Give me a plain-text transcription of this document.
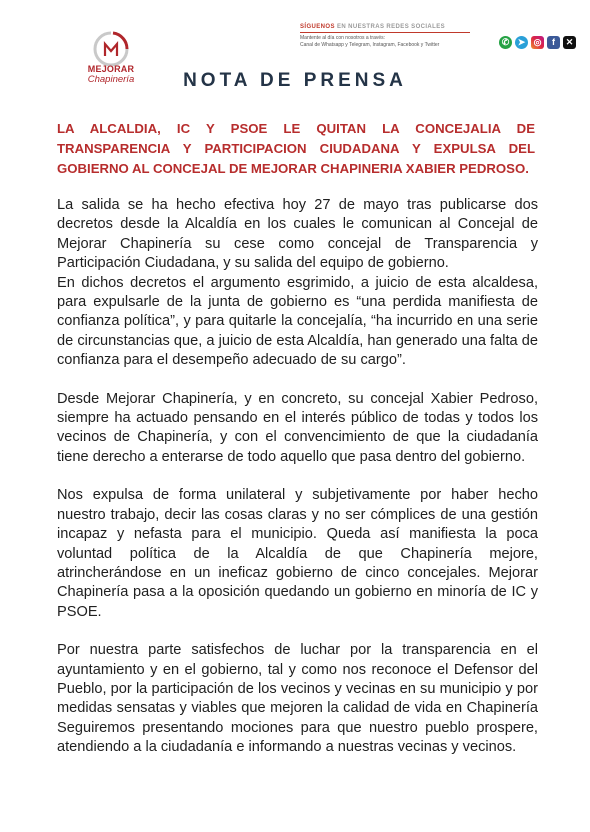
MEJORAR
Chapinería
SÍGUENOS EN NUESTRAS REDES SOCIALES
Mantente al día con nosotros a través:
Canal de Whatsapp y Telegram, Instagram, Facebook y Twitter	✆ ➤ ◎	f	✕
NOTA DE PRENSA
LA ALCALDIA, IC Y PSOE LE QUITAN LA CONCEJALIA DE TRANSPARENCIA Y PARTICIPACION CIUDADANA Y EXPULSA DEL GOBIERNO AL CONCEJAL DE MEJORAR CHAPINERIA XABIER PEDROSO.
La salida se ha hecho efectiva hoy 27 de mayo tras publicarse dos decretos desde la Alcaldía en los cuales le comunican al Concejal de Mejorar Chapinería su cese como concejal de Transparencia y Participación Ciudadana, y su salida del equipo de gobierno.

En dichos decretos el argumento esgrimido, a juicio de esta alcaldesa, para expulsarle de la junta de gobierno es “una perdida manifiesta de confianza política”, y para quitarle la concejalía, “ha incurrido en una serie de circunstancias que, a juicio de esta Alcaldía, han generado una falta de confianza para el desempeño adecuado de su cargo”.

Desde Mejorar Chapinería, y en concreto, su concejal Xabier Pedroso, siempre ha actuado pensando en el interés público de todas y todos los vecinos de Chapinería, y con el convencimiento de que la ciudadanía tiene derecho a enterarse de todo aquello que pasa dentro del gobierno.

Nos expulsa de forma unilateral y subjetivamente por haber hecho nuestro trabajo, decir las cosas claras y no ser cómplices de una gestión incapaz y nefasta para el municipio. Queda así manifiesta la poca voluntad política de la Alcaldía de que Chapinería mejore, atrincherándose en un ineficaz gobierno de cinco concejales. Mejorar Chapinería pasa a la oposición quedando un gobierno en minoría de IC y PSOE.

Por nuestra parte satisfechos de luchar por la transparencia en el ayuntamiento y en el gobierno, tal y como nos reconoce el Defensor del Pueblo, por la participación de los vecinos y vecinas en su municipio y por medidas sensatas y viables que mejoren la calidad de vida en Chapinería Seguiremos presentando mociones para que nuestro pueblo prospere, atendiendo a la ciudadanía e informando a nuestras vecinas y vecinos.
